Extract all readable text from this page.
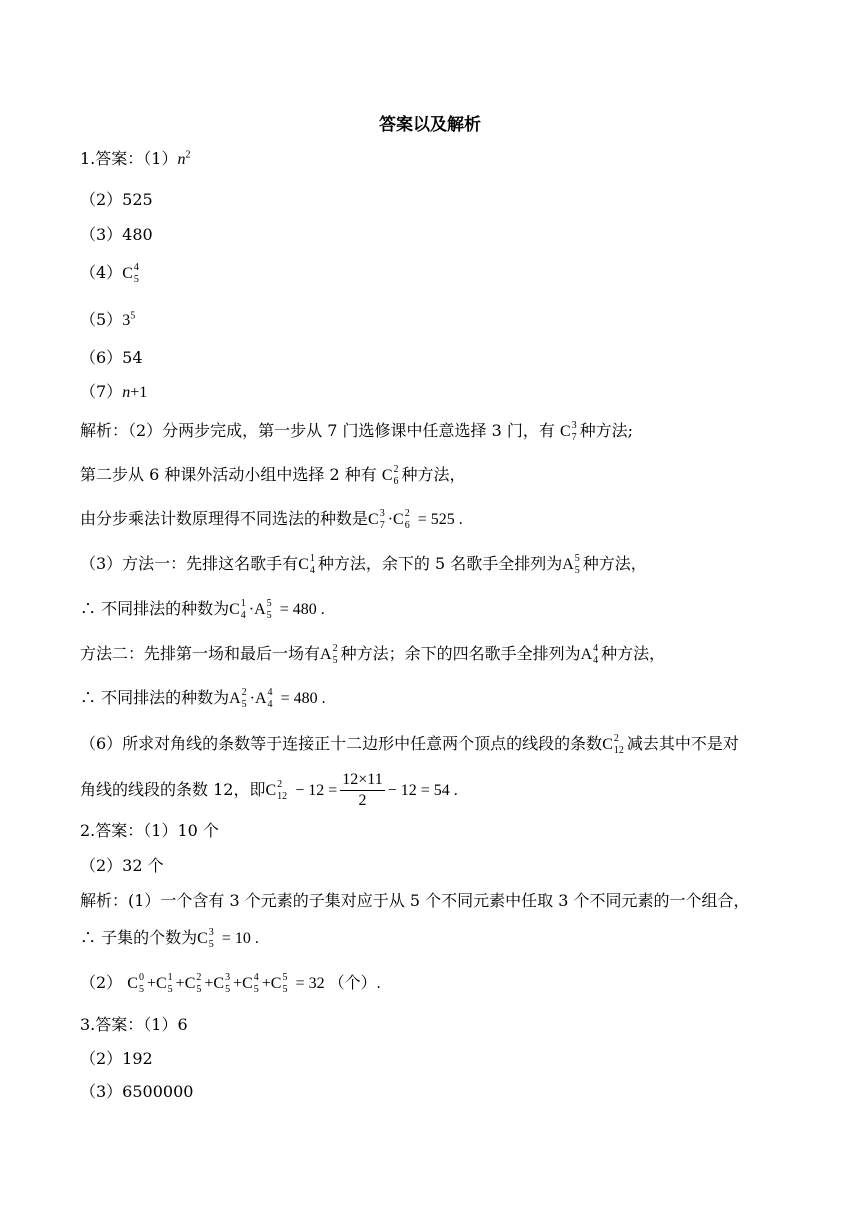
答案以及解析
1.答案：$(1)n^2$
（2）525
（3）480
（4）C 4
5
$(5)3^5$
（6）54
（7）n+1
解析：（2）分两步完成，第一步从 7 门选修课中任意选择 3 门，有 C 3
7 种方法;
第二步从 6 种课外活动小组中选择 2 种有 C 2
6 种方法，
由分步乘法计数原理得不同选法的种数是C 3
7 ·C 2
6 = 525 .
（3）方法一：先排这名歌手有C 1
4 种方法，余下的 5 名歌手全排列为A 5
5 种方法，
∴ 不同排法的种数为C 1
4 ·A 5
5 = 480 .
方法二：先排第一场和最后一场有A 2
5 种方法；余下的四名歌手全排列为A 4
4 种方法，
∴ 不同排法的种数为A 2
5 ·A 4
4 = 480 .
（6）所求对角线的条数等于连接正十二边形中任意两个顶点的线段的条数C 2
12 减去其中不是对
角线的线段的条数 12，即C 2
$12 - 12 = \frac{12\times 11}{2} - 12 = 54$ .
2.答案：（1）10 个
（2）32 个
解析：(1）一个含有 3 个元素的子集对应于从 5 个不同元素中任取 3 个不同元素的一个组合，
∴ 子集的个数为C 3
5 = 10 .
（2） C 0
5 +C 1
5 +C 2
5 +C 3
5 +C 4
5 +C 5
5 = 32 （个）.
3.答案：（1）6
（2）192
（3）6500000
